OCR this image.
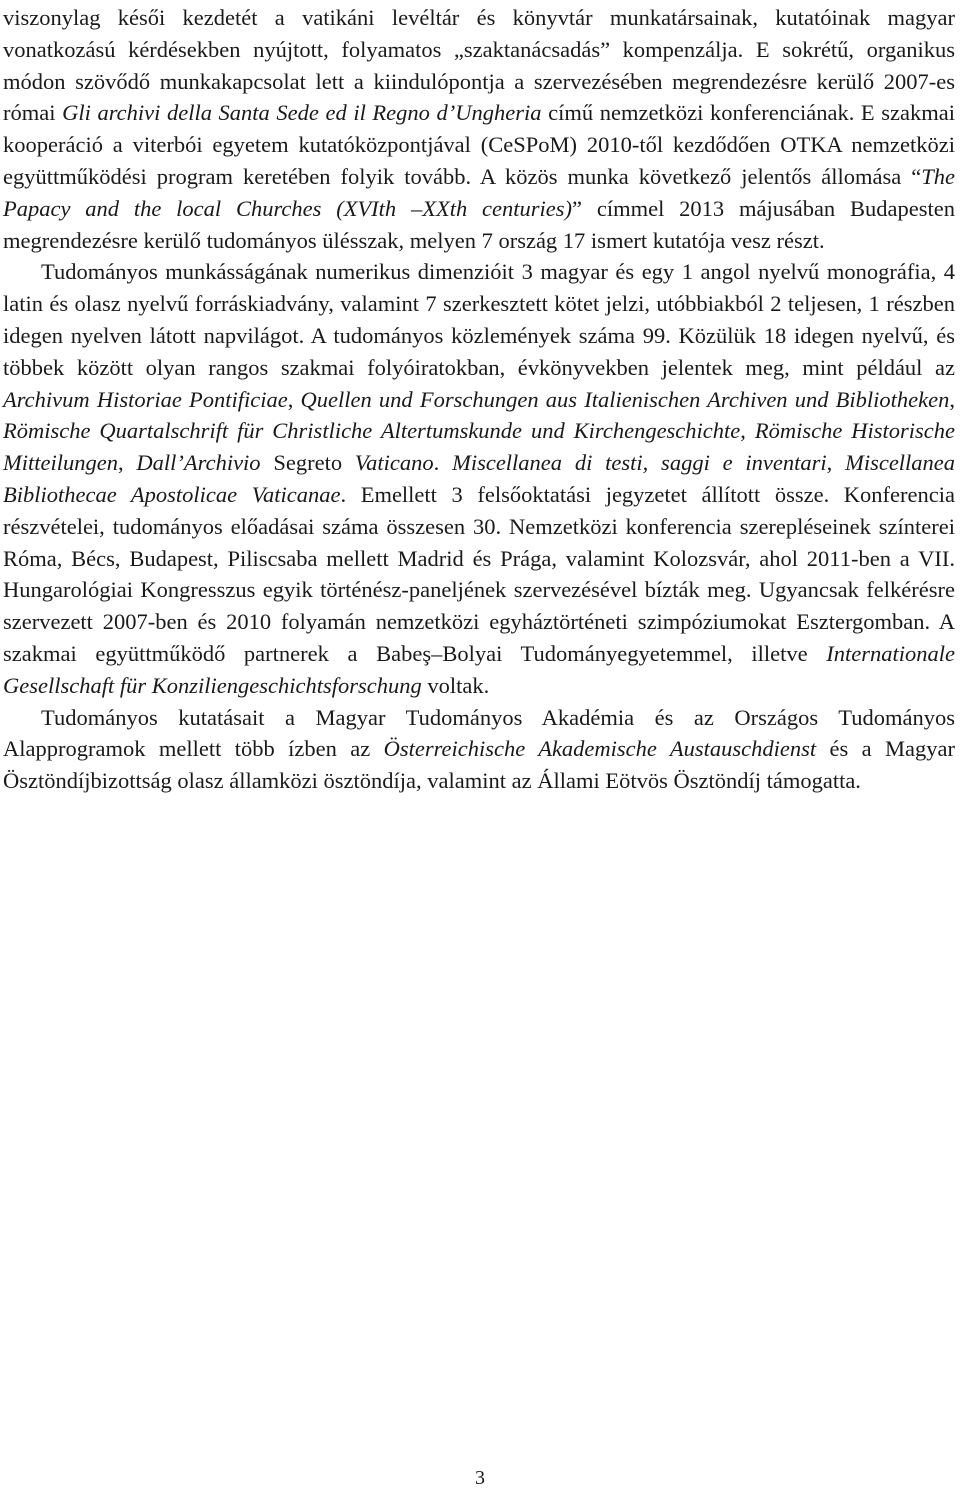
viszonylag késői kezdetét a vatikáni levéltár és könyvtár munkatársainak, kutatóinak magyar vonatkozású kérdésekben nyújtott, folyamatos „szaktanácsadás” kompenzálja. E sokrétű, organikus módon szövődő munkakapcsolat lett a kiindulópontja a szervezésében megrendezésre kerülő 2007-es római Gli archivi della Santa Sede ed il Regno d’Ungheria című nemzetközi konferenciának. E szakmai kooperáció a viterbói egyetem kutatóközpontjával (CeSPoM) 2010-től kezdődően OTKA nemzetközi együttműködési program keretében folyik tovább. A közös munka következő jelentős állomása “The Papacy and the local Churches (XVIth –XXth centuries)” címmel 2013 májusában Budapesten megrendezésre kerülő tudományos ülésszak, melyen 7 ország 17 ismert kutatója vesz részt.

Tudományos munkásságának numerikus dimenzióit 3 magyar és egy 1 angol nyelvű monográfia, 4 latin és olasz nyelvű forráskiadvány, valamint 7 szerkesztett kötet jelzi, utóbbiakból 2 teljesen, 1 részben idegen nyelven látott napvilágot. A tudományos közlemények száma 99. Közülük 18 idegen nyelvű, és többek között olyan rangos szakmai folyóiratokban, évkönyvekben jelentek meg, mint például az Archivum Historiae Pontificiae, Quellen und Forschungen aus Italienischen Archiven und Bibliotheken, Römische Quartalschrift für Christliche Altertumskunde und Kirchengeschichte, Römische Historische Mitteilungen, Dall’Archivio Segreto Vaticano. Miscellanea di testi, saggi e inventari, Miscellanea Bibliothecae Apostolicae Vaticanae. Emellett 3 felsőoktatási jegyzetet állított össze. Konferencia részvételei, tudományos előadásai száma összesen 30. Nemzetközi konferencia szerepléseinek színterei Róma, Bécs, Budapest, Piliscsaba mellett Madrid és Prága, valamint Kolozsvár, ahol 2011-ben a VII. Hungarológiai Kongresszus egyik történész-paneljének szervezésével bízták meg. Ugyancsak felkérésre szervezett 2007-ben és 2010 folyamán nemzetközi egyháztörténeti szimpóziumokat Esztergomban. A szakmai együttműködő partnerek a Babeş–Bolyai Tudományegyetemmel, illetve Internationale Gesellschaft für Konziliengeschichtsforschung voltak.

Tudományos kutatásait a Magyar Tudományos Akadémia és az Országos Tudományos Alapprogramok mellett több ízben az Österreichische Akademische Austauschdienst és a Magyar Ösztöndíjbizottság olasz államközi ösztöndíja, valamint az Állami Eötvös Ösztöndíj támogatta.

3
